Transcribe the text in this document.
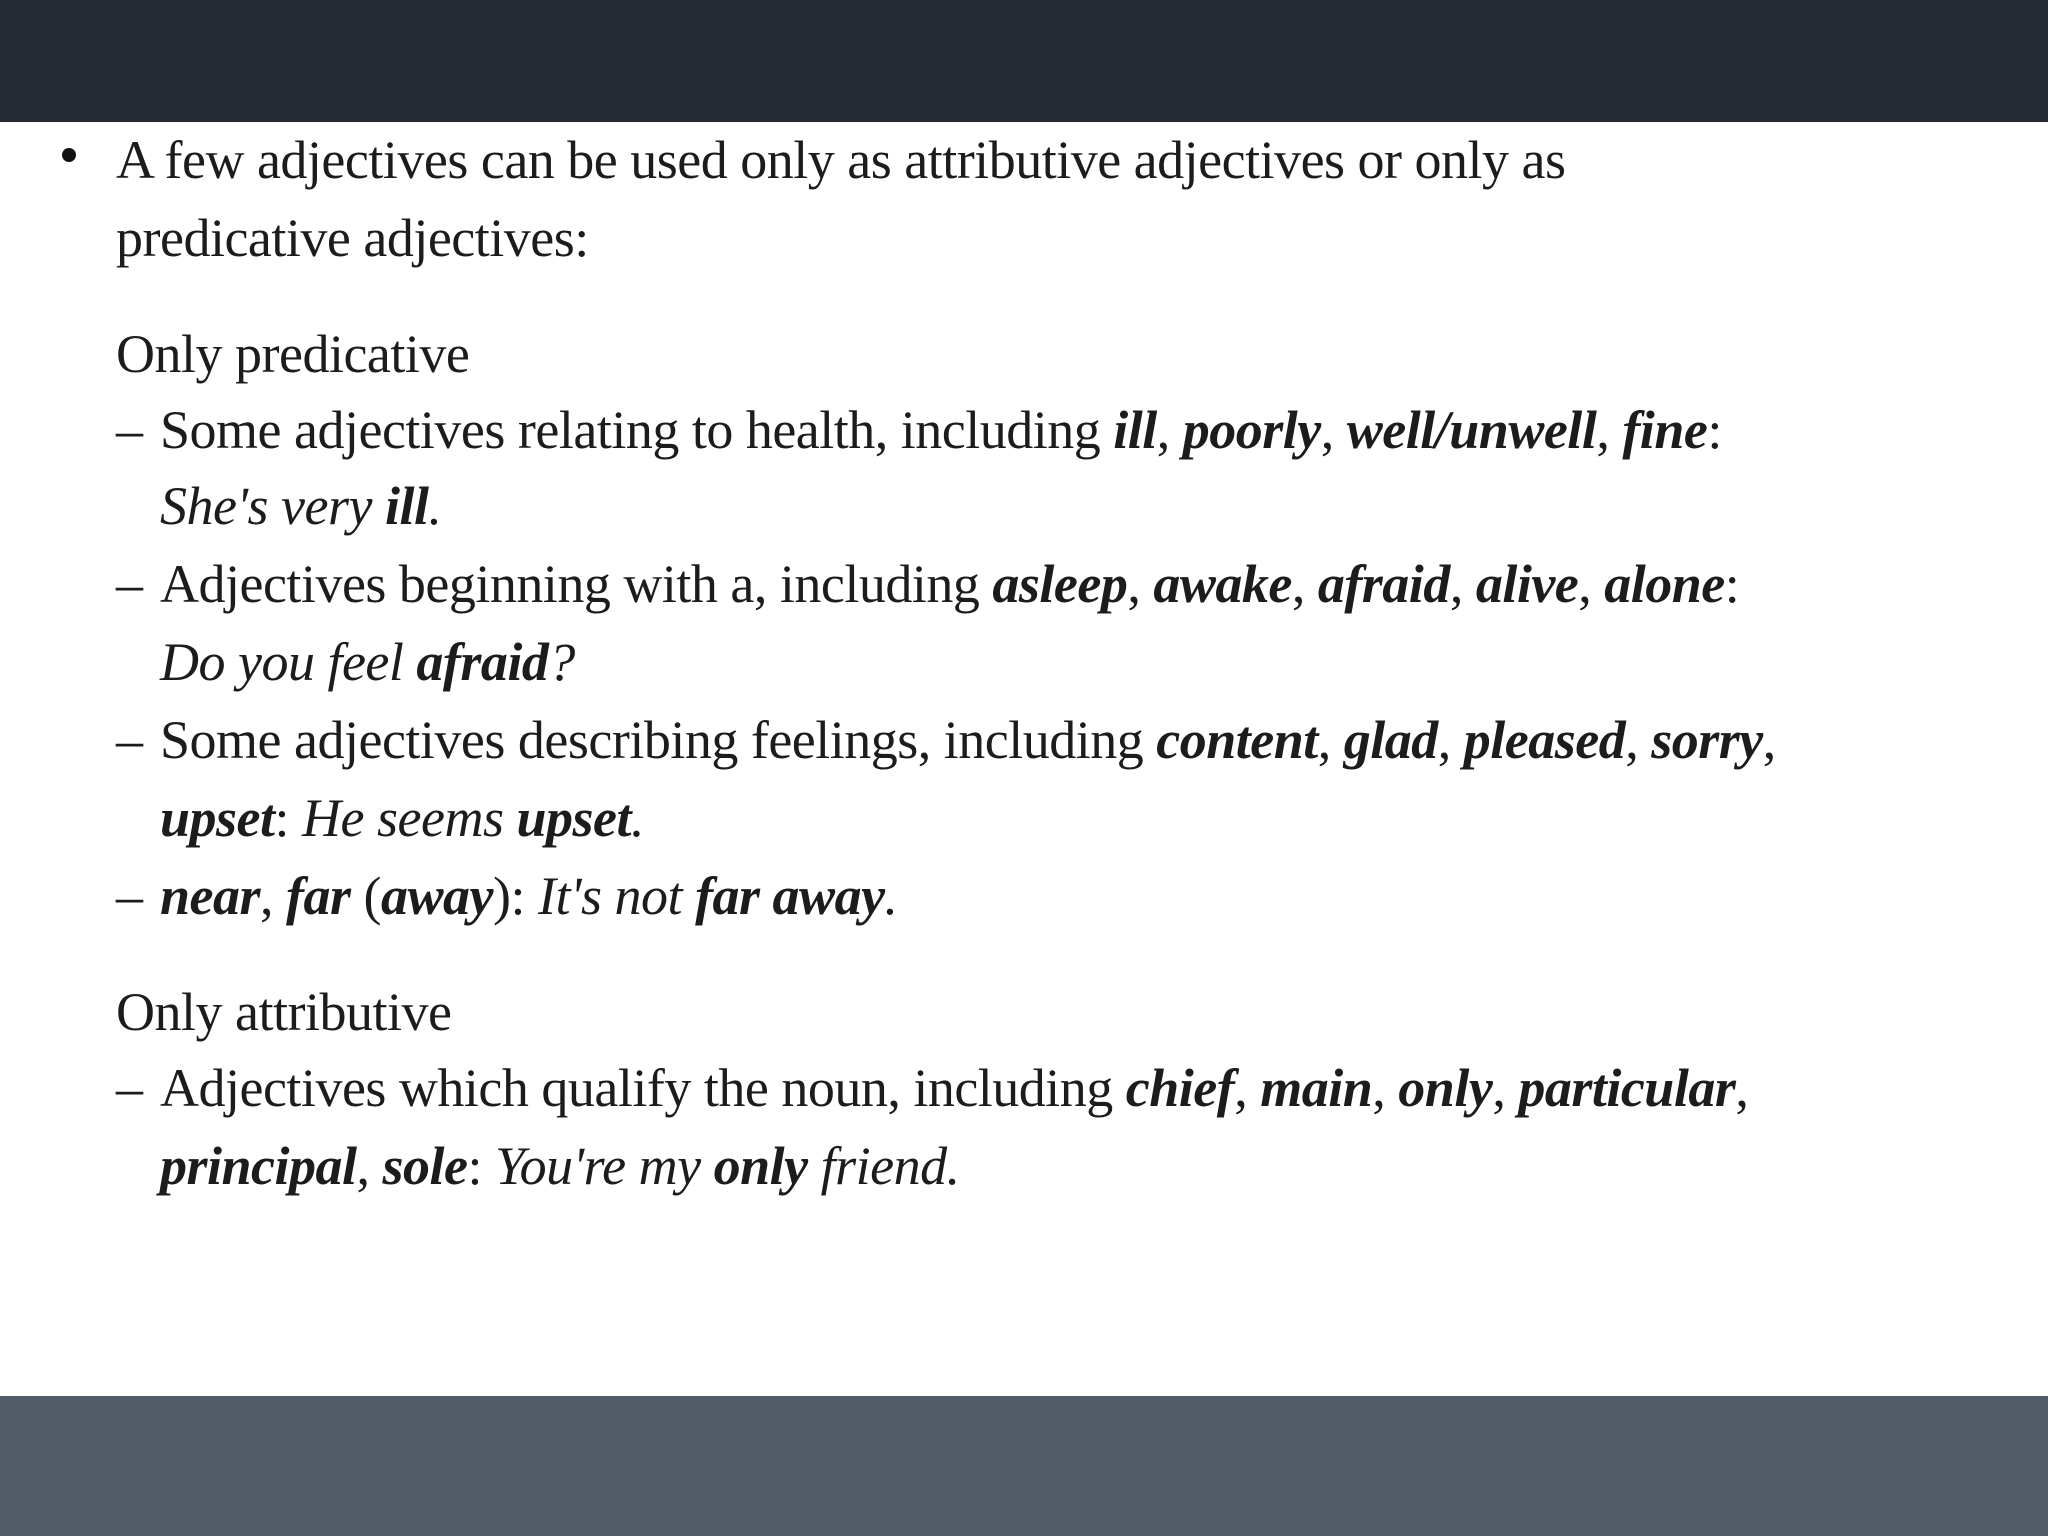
A few adjectives can be used only as attributive adjectives or only as
predicative adjectives:
Only predicative
– Some adjectives relating to health, including ill, poorly, well/unwell, fine:
She's very ill.
– Adjectives beginning with a, including asleep, awake, afraid, alive, alone:
Do you feel afraid?
– Some adjectives describing feelings, including content, glad, pleased, sorry,
upset: He seems upset.
– near, far (away): It's not far away.
Only attributive
– Adjectives which qualify the noun, including chief, main, only, particular,
principal, sole: You're my only friend.
